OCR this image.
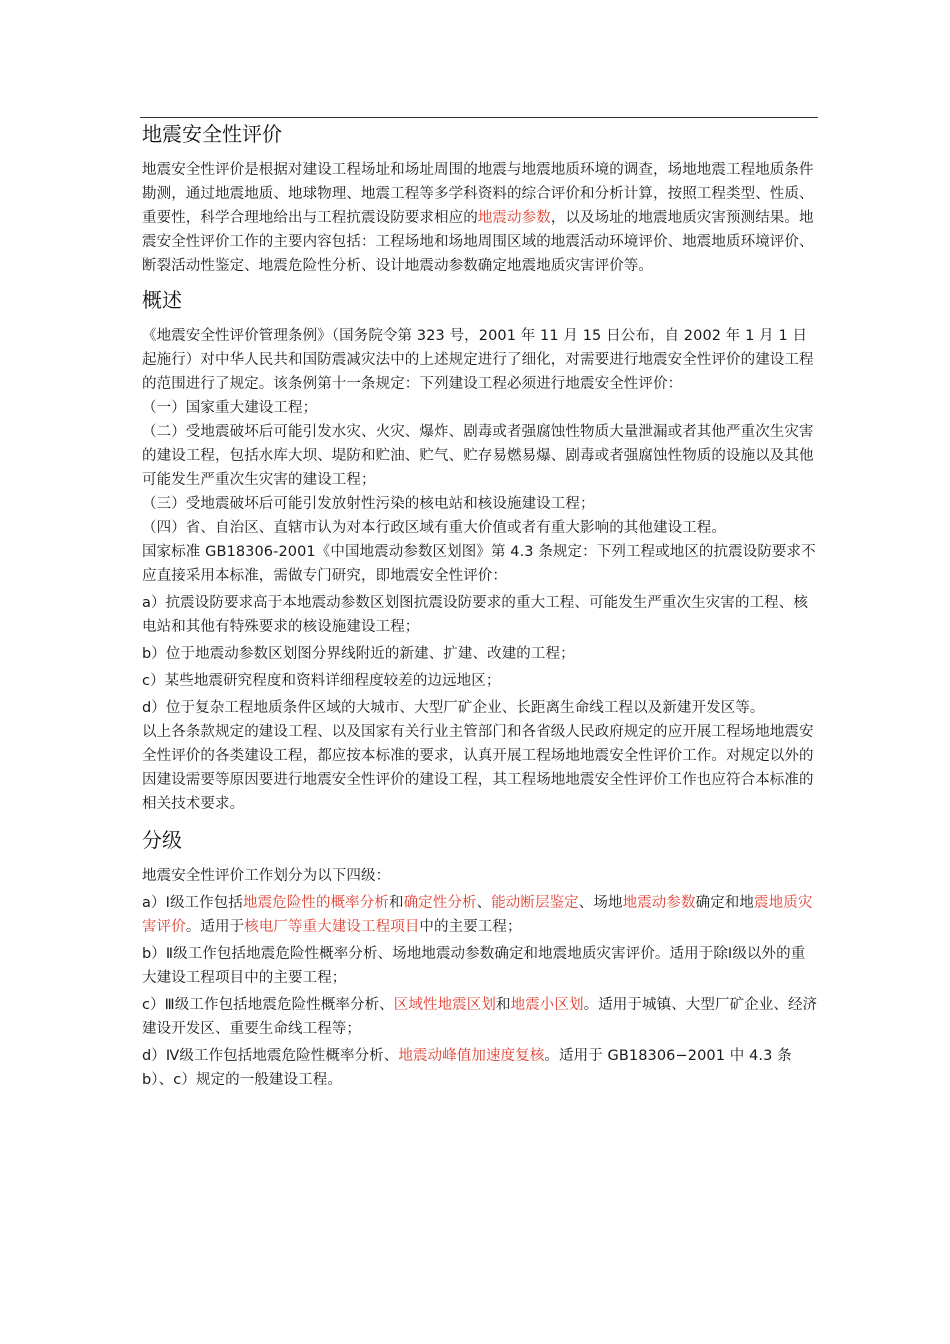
地震安全性评价

地震安全性评价是根据对建设工程场址和场址周围的地震与地震地质环境的调查，场地地震工程地质条件勘测，通过地震地质、地球物理、地震工程等多学科资料的综合评价和分析计算，按照工程类型、性质、重要性，科学合理地给出与工程抗震设防要求相应的地震动参数，以及场址的地震地质灾害预测结果。地震安全性评价工作的主要内容包括：工程场地和场地周围区域的地震活动环境评价、地震地质环境评价、断裂活动性鉴定、地震危险性分析、设计地震动参数确定地震地质灾害评价等。

概述

《地震安全性评价管理条例》（国务院令第 323 号，2001 年 11 月 15 日公布，自 2002 年 1 月 1 日起施行）对中华人民共和国防震减灾法中的上述规定进行了细化，对需要进行地震安全性评价的建设工程的范围进行了规定。该条例第十一条规定：下列建设工程必须进行地震安全性评价：

（一）国家重大建设工程；

（二）受地震破坏后可能引发水灾、火灾、爆炸、剧毒或者强腐蚀性物质大量泄漏或者其他严重次生灾害的建设工程，包括水库大坝、堤防和贮油、贮气、贮存易燃易爆、剧毒或者强腐蚀性物质的设施以及其他可能发生严重次生灾害的建设工程；

（三）受地震破坏后可能引发放射性污染的核电站和核设施建设工程；

（四）省、自治区、直辖市认为对本行政区域有重大价值或者有重大影响的其他建设工程。

国家标准 GB18306-2001《中国地震动参数区划图》第 4.3 条规定：下列工程或地区的抗震设防要求不应直接采用本标准，需做专门研究，即地震安全性评价：

a）抗震设防要求高于本地震动参数区划图抗震设防要求的重大工程、可能发生严重次生灾害的工程、核电站和其他有特殊要求的核设施建设工程；

b）位于地震动参数区划图分界线附近的新建、扩建、改建的工程；

c）某些地震研究程度和资料详细程度较差的边远地区；

d）位于复杂工程地质条件区域的大城市、大型厂矿企业、长距离生命线工程以及新建开发区等。

以上各条款规定的建设工程、以及国家有关行业主管部门和各省级人民政府规定的应开展工程场地地震安全性评价的各类建设工程，都应按本标准的要求，认真开展工程场地地震安全性评价工作。对规定以外的因建设需要等原因要进行地震安全性评价的建设工程，其工程场地地震安全性评价工作也应符合本标准的相关技术要求。

分级

地震安全性评价工作划分为以下四级：

a）Ⅰ级工作包括地震危险性的概率分析和确定性分析、能动断层鉴定、场地地震动参数确定和地震地质灾害评价。适用于核电厂等重大建设工程项目中的主要工程；

b）Ⅱ级工作包括地震危险性概率分析、场地地震动参数确定和地震地质灾害评价。适用于除Ⅰ级以外的重大建设工程项目中的主要工程；

c）Ⅲ级工作包括地震危险性概率分析、区域性地震区划和地震小区划。适用于城镇、大型厂矿企业、经济建设开发区、重要生命线工程等；

d）Ⅳ级工作包括地震危险性概率分析、地震动峰值加速度复核。适用于 GB18306−2001 中 4.3 条 b）、c）规定的一般建设工程。
